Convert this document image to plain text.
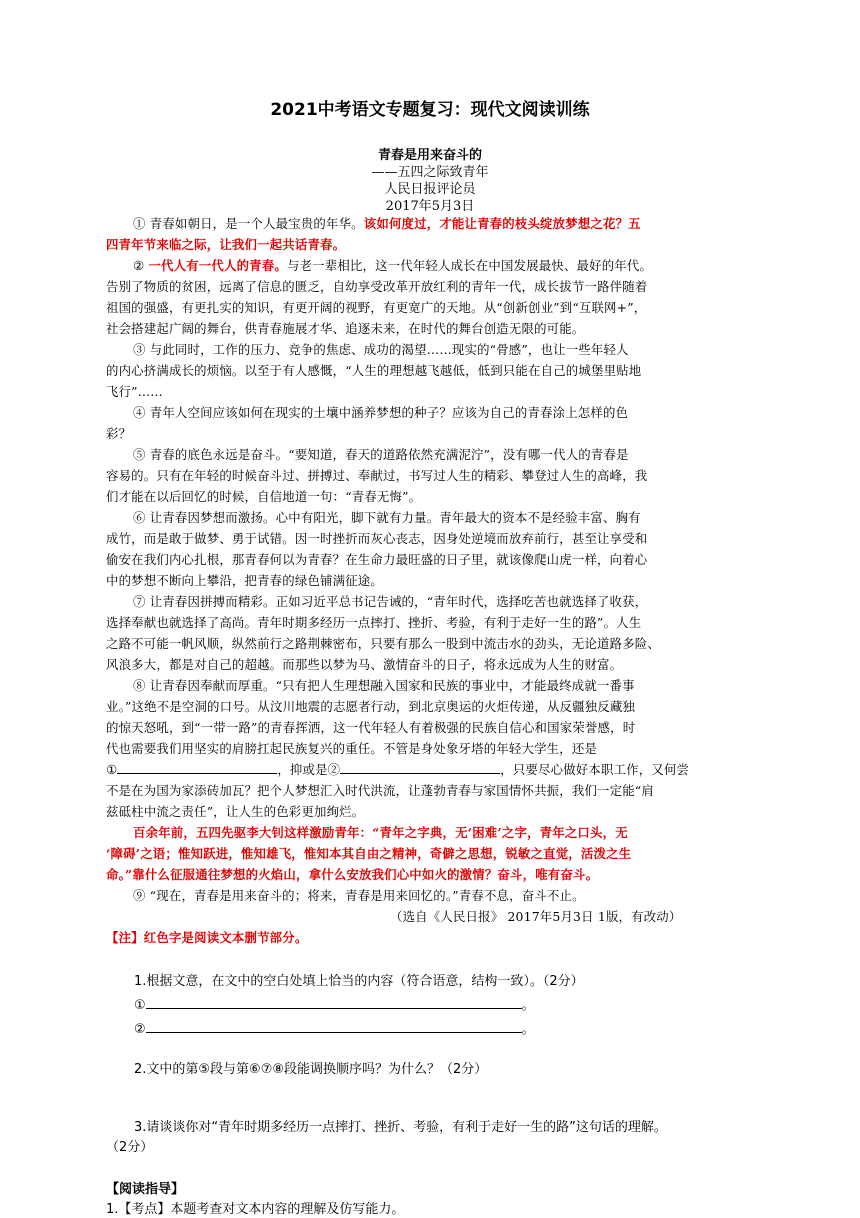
2021中考语文专题复习：现代文阅读训练
青春是用来奋斗的
——五四之际致青年
人民日报评论员
2017年5月3日
① 青春如朝日，是一个人最宝贵的年华。该如何度过，才能让青春的枝头绽放梦想之花？五
四青年节来临之际，让我们一起共话青春。
② 一代人有一代人的青春。与老一辈相比，这一代年轻人成长在中国发展最快、最好的年代。
告别了物质的贫困，远离了信息的匮乏，自幼享受改革开放红利的青年一代，成长拔节一路伴随着
祖国的强盛，有更扎实的知识，有更开阔的视野，有更宽广的天地。从“创新创业”到“互联网+”，
社会搭建起广阔的舞台，供青春施展才华、追逐未来，在时代的舞台创造无限的可能。
③ 与此同时，工作的压力、竞争的焦虑、成功的渴望……现实的“骨感”，也让一些年轻人
的内心挤满成长的烦恼。以至于有人感慨，“人生的理想越飞越低，低到只能在自己的城堡里贴地
飞行”……
④ 青年人空间应该如何在现实的土壤中涵养梦想的种子？应该为自己的青春涂上怎样的色
彩？
⑤ 青春的底色永远是奋斗。“要知道，春天的道路依然充满泥泞”，没有哪一代人的青春是
容易的。只有在年轻的时候奋斗过、拼搏过、奉献过，书写过人生的精彩、攀登过人生的高峰，我
们才能在以后回忆的时候，自信地道一句：“青春无悔”。
⑥ 让青春因梦想而激扬。心中有阳光，脚下就有力量。青年最大的资本不是经验丰富、胸有
成竹，而是敢于做梦、勇于试错。因一时挫折而灰心丧志，因身处逆境而放弃前行，甚至让享受和
偷安在我们内心扎根，那青春何以为青春？在生命力最旺盛的日子里，就该像爬山虎一样，向着心
中的梦想不断向上攀沿，把青春的绿色铺满征途。
⑦ 让青春因拼搏而精彩。正如习近平总书记告诫的，“青年时代，选择吃苦也就选择了收获，
选择奉献也就选择了高尚。青年时期多经历一点摔打、挫折、考验，有利于走好一生的路”。人生
之路不可能一帆风顺，纵然前行之路荆棘密布，只要有那么一股到中流击水的劲头，无论道路多险、
风浪多大，都是对自己的超越。而那些以梦为马、激情奋斗的日子，将永远成为人生的财富。
⑧ 让青春因奉献而厚重。“只有把人生理想融入国家和民族的事业中，才能最终成就一番事
业。”这绝不是空洞的口号。从汶川地震的志愿者行动，到北京奥运的火炬传递，从反疆独反藏独
的惊天怒吼，到“一带一路”的青春挥洒，这一代年轻人有着极强的民族自信心和国家荣誉感，时
代也需要我们用坚实的肩膀扛起民族复兴的重任。不管是身处象牙塔的年轻大学生，还是
①	，抑或是②	，只要尽心做好本职工作，又何尝
不是在为国为家添砖加瓦？把个人梦想汇入时代洪流，让蓬勃青春与家国情怀共振，我们一定能“肩
兹砥柱中流之责任”，让人生的色彩更加绚烂。
百余年前，五四先驱李大钊这样激励青年：“青年之字典，无‘困难’之字，青年之口头，无
‘障碍’之语；惟知跃进，惟知雄飞，惟知本其自由之精神，奇僻之思想，锐敏之直觉，活泼之生
命。”靠什么征服通往梦想的火焰山，拿什么安放我们心中如火的激情？奋斗，唯有奋斗。
⑨ “现在，青春是用来奋斗的；将来，青春是用来回忆的。”青春不息，奋斗不止。
（选自《人民日报》 2017年5月3日 1版，有改动）
【注】红色字是阅读文本删节部分。
1.根据文意，在文中的空白处填上恰当的内容（符合语意，结构一致）。（2分）
①	。
②	。
2.文中的第⑤段与第⑥⑦⑧段能调换顺序吗？为什么？（2分）
3.请谈谈你对“青年时期多经历一点摔打、挫折、考验，有利于走好一生的路”这句话的理解。
（2分）
【阅读指导】
1.【考点】本题考查对文本内容的理解及仿写能力。
